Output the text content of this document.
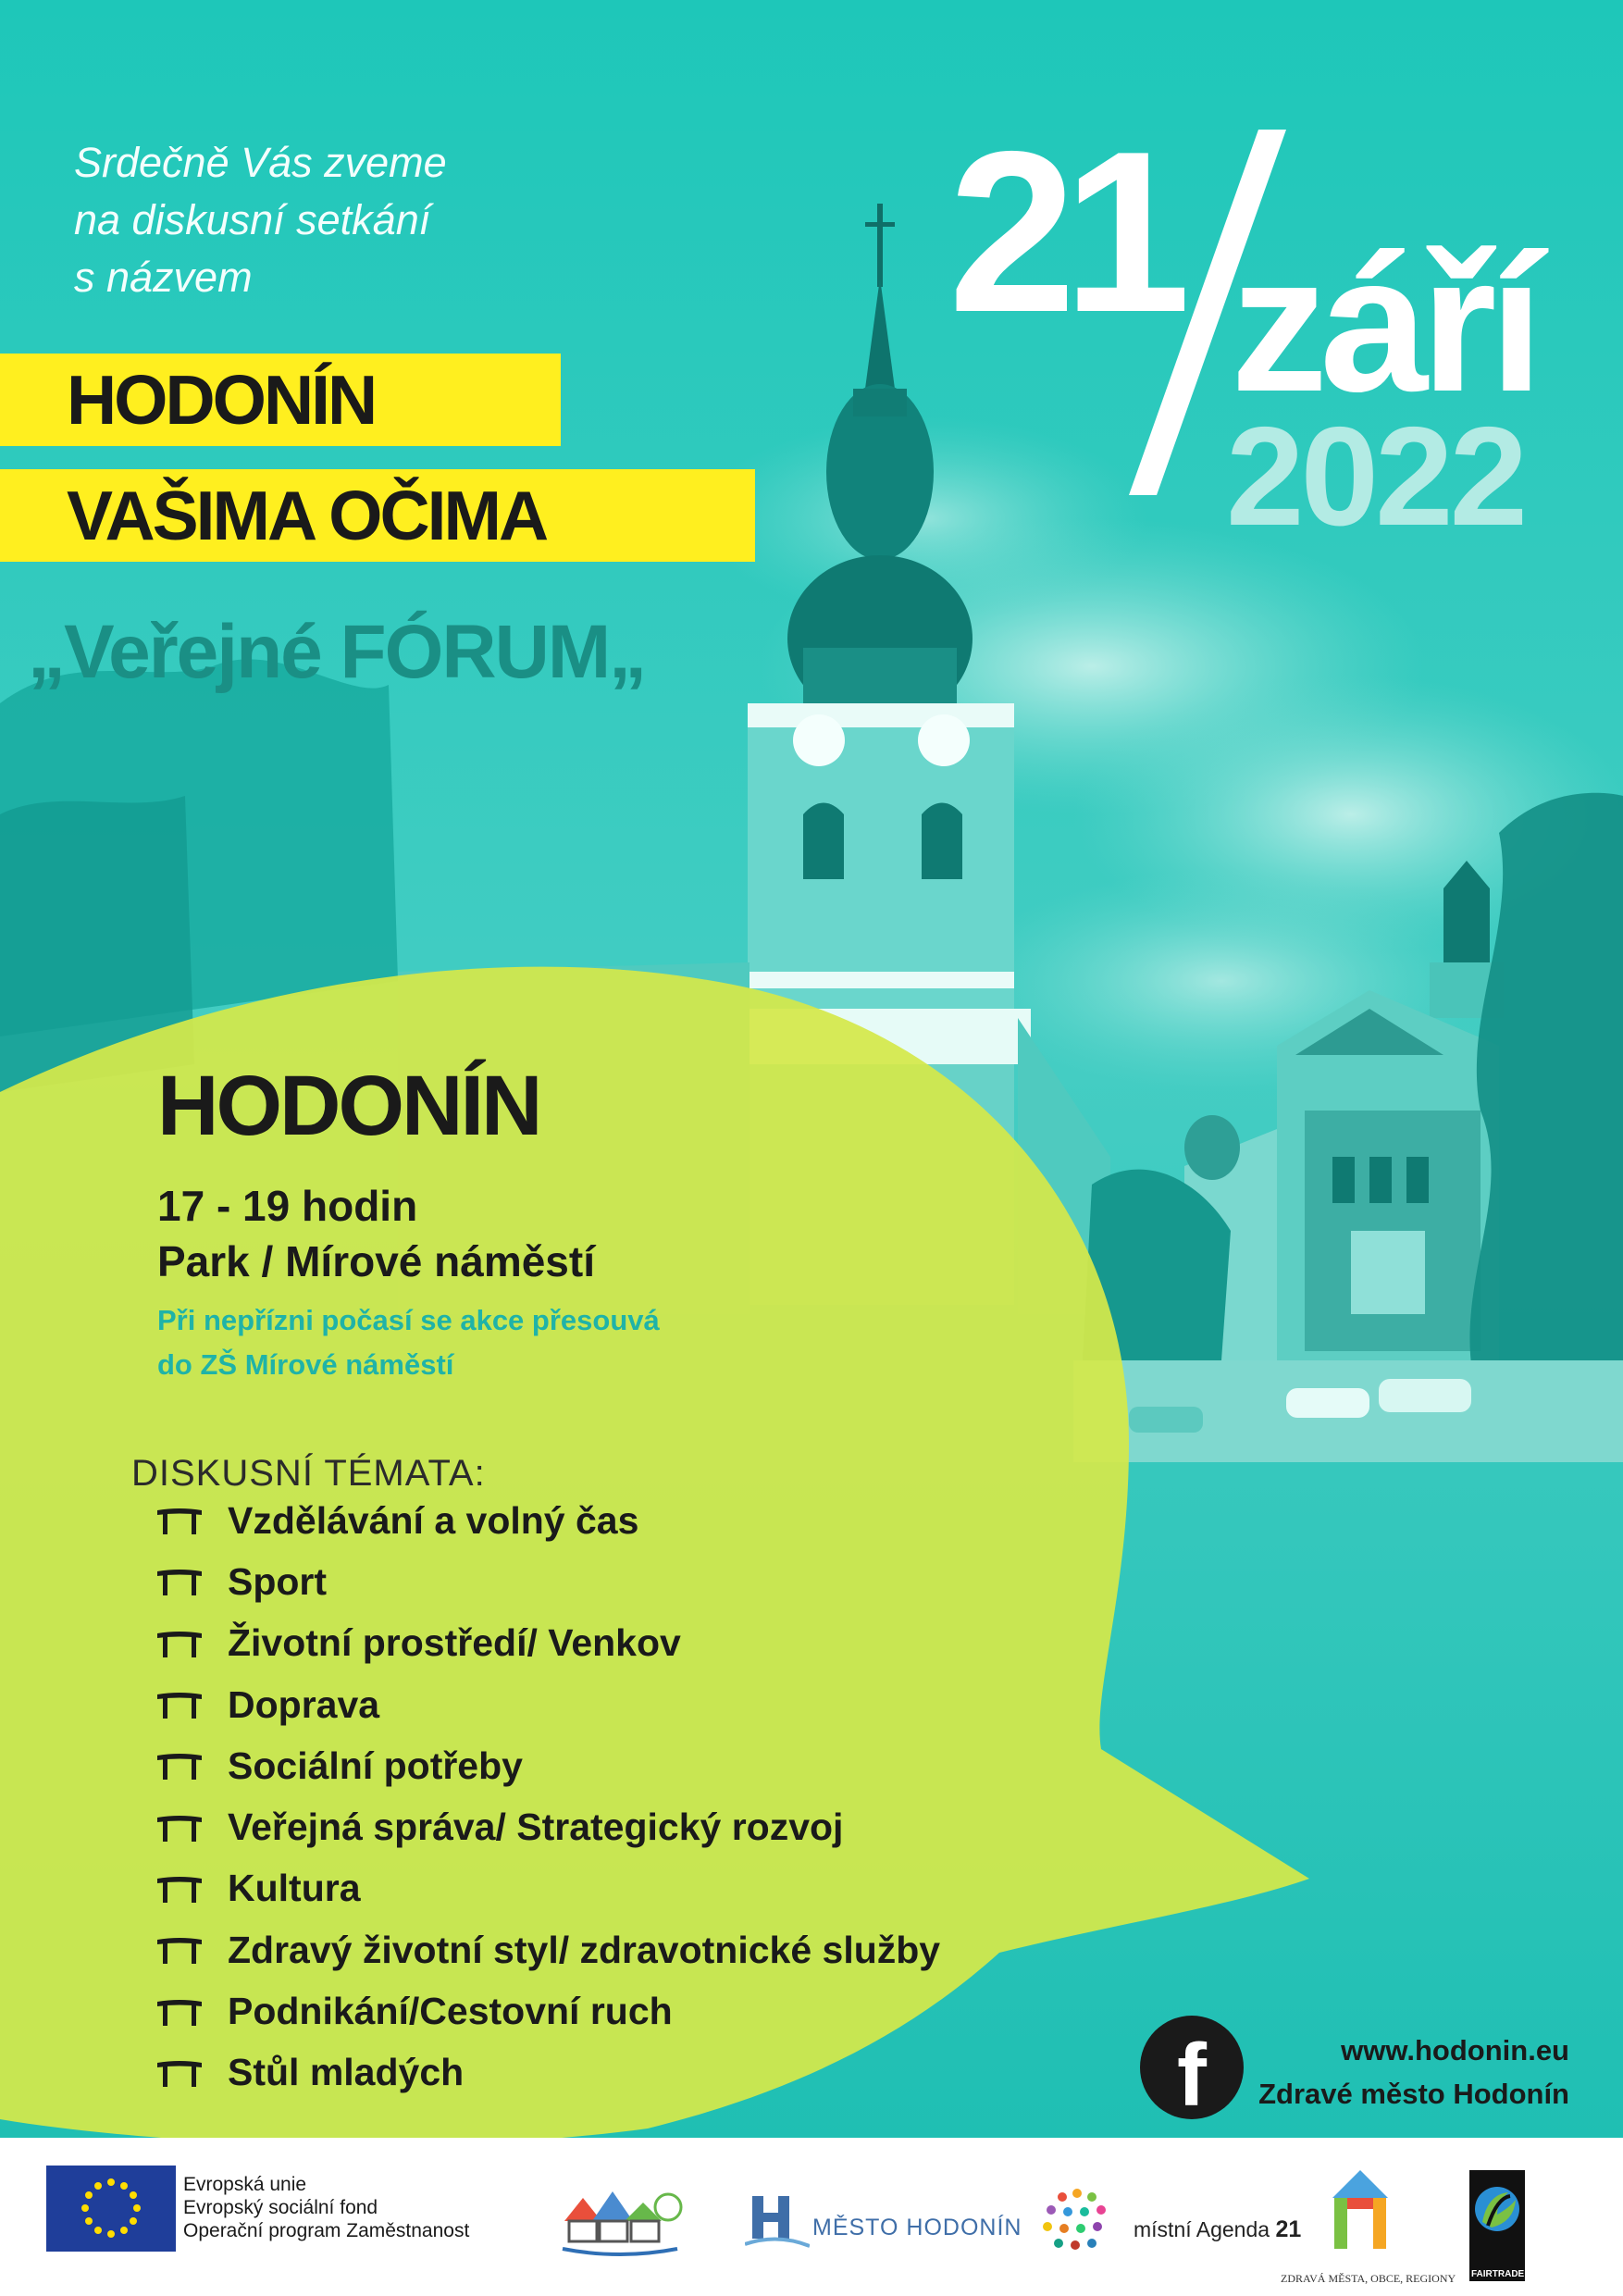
Srdečně Vás zveme
na diskusní setkání
s názvem
HODONÍN
VAŠIMA OČIMA
„Veřejné FÓRUM„
21 září
2022
HODONÍN
17 - 19 hodin
Park / Mírové náměstí
Při nepřízni počasí se akce přesouvá
do ZŠ Mírové náměstí
DISKUSNÍ TÉMATA:
Vzdělávání a volný čas
Sport
Životní prostředí/ Venkov
Doprava
Sociální potřeby
Veřejná správa/ Strategický rozvoj
Kultura
Zdravý životní styl/ zdravotnické služby
Podnikání/Cestovní ruch
Stůl mladých	f	www.hodonin.eu
Zdravé město Hodonín
Evropská unie
Evropský sociální fond
Operační program Zaměstnanost	MĚSTO HODONÍN	místní Agenda 21
ZDRAVÁ MĚSTA, OBCE, REGIONY FAIRTRADE
